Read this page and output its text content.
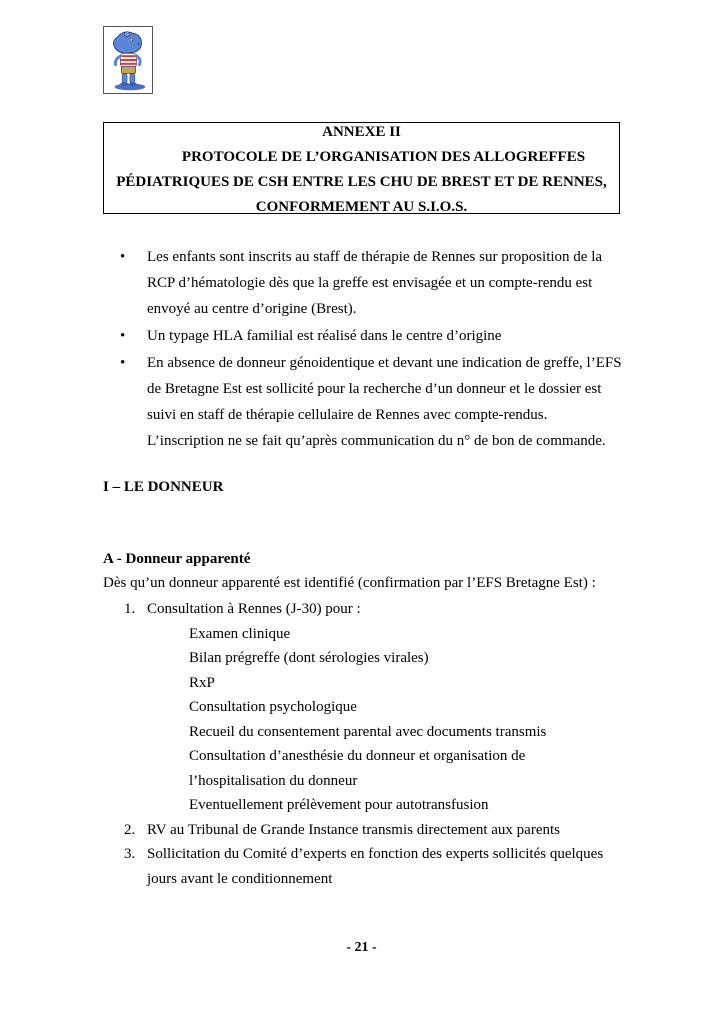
ANNEXE II
PROTOCOLE DE L’ORGANISATION DES ALLOGREFFES
PÉDIATRIQUES DE CSH ENTRE LES CHU DE BREST ET DE RENNES,
CONFORMEMENT AU S.I.O.S.
• Les enfants sont inscrits au staff de thérapie de Rennes sur proposition de la RCP d’hématologie dès que la greffe est envisagée et un compte-rendu est envoyé au centre d’origine (Brest).
• Un typage HLA familial est réalisé dans le centre d’origine
• En absence de donneur génoidentique et devant une indication de greffe, l’EFS de Bretagne Est est sollicité pour la recherche d’un donneur et le dossier est suivi en staff de thérapie cellulaire de Rennes avec compte-rendus. L’inscription ne se fait qu’après communication du n° de bon de commande.
I – LE DONNEUR
A - Donneur apparenté

Dès qu’un donneur apparenté est identifié (confirmation par l’EFS Bretagne Est) :

1. Consultation à Rennes (J-30) pour :
Examen clinique
Bilan prégreffe (dont sérologies virales)
RxP
Consultation psychologique
Recueil du consentement parental avec documents transmis
Consultation d’anesthésie du donneur et organisation de l’hospitalisation du donneur
Eventuellement prélèvement pour autotransfusion
2. RV au Tribunal de Grande Instance transmis directement aux parents
3. Sollicitation du Comité d’experts en fonction des experts sollicités quelques jours avant le conditionnement
- 21 -
